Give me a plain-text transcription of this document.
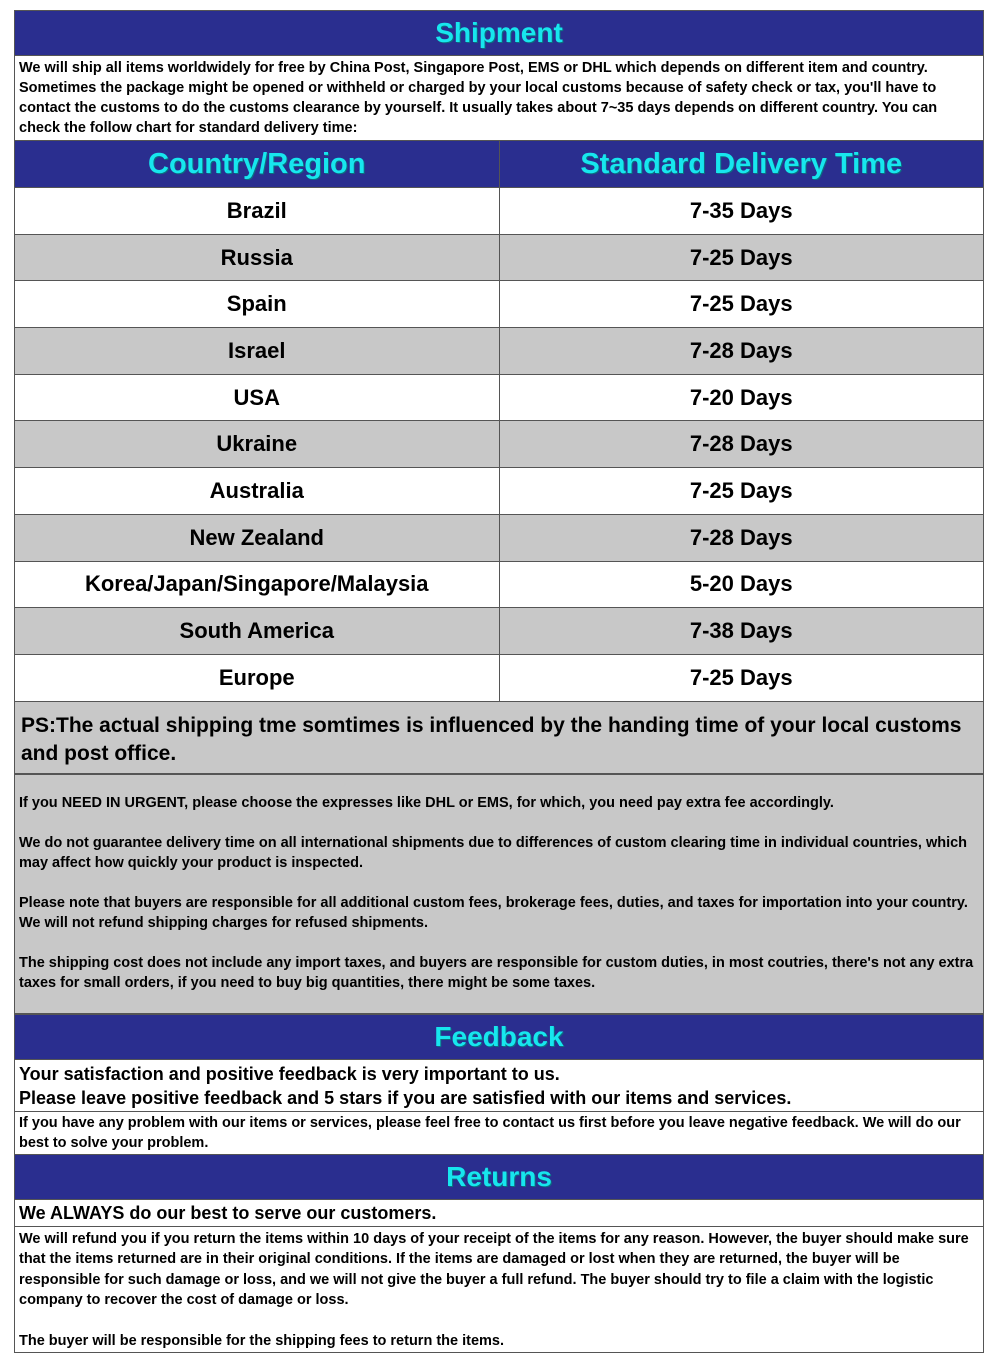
Shipment
We will ship all items worldwidely for free by China Post, Singapore Post, EMS or DHL which depends on different item and country. Sometimes the package might be opened or withheld or charged by your local customs because of safety check or tax, you'll have to contact the customs to do the customs clearance by yourself. It usually takes about 7~35 days depends on different country. You can check the follow chart for standard delivery time:
Country/Region	Standard Delivery Time
Brazil	7-35 Days
Russia	7-25 Days
Spain	7-25 Days
Israel	7-28 Days
USA	7-20 Days
Ukraine	7-28 Days
Australia	7-25 Days
New Zealand	7-28 Days
Korea/Japan/Singapore/Malaysia	5-20 Days
South America	7-38 Days
Europe	7-25 Days
PS:The actual shipping tme somtimes is influenced by the handing time of your local customs and post office.

If you NEED IN URGENT, please choose the expresses like DHL or EMS, for which, you need pay extra fee accordingly.

We do not guarantee delivery time on all international shipments due to differences of custom clearing time in individual countries, which may affect how quickly your product is inspected.

Please note that buyers are responsible for all additional custom fees, brokerage fees, duties, and taxes for importation into your country. We will not refund shipping charges for refused shipments.

The shipping cost does not include any import taxes, and buyers are responsible for custom duties, in most coutries, there's not any extra taxes for small orders, if you need to buy big quantities, there might be some taxes.

Feedback
Your satisfaction and positive feedback is very important to us.
Please leave positive feedback and 5 stars if you are satisfied with our items and services.
If you have any problem with our items or services, please feel free to contact us first before you leave negative feedback. We will do our best to solve your problem.
Returns
We ALWAYS do our best to serve our customers.

We will refund you if you return the items within 10 days of your receipt of the items for any reason. However, the buyer should make sure that the items returned are in their original conditions. If the items are damaged or lost when they are returned, the buyer will be responsible for such damage or loss, and we will not give the buyer a full refund. The buyer should try to file a claim with the logistic company to recover the cost of damage or loss.

The buyer will be responsible for the shipping fees to return the items.
